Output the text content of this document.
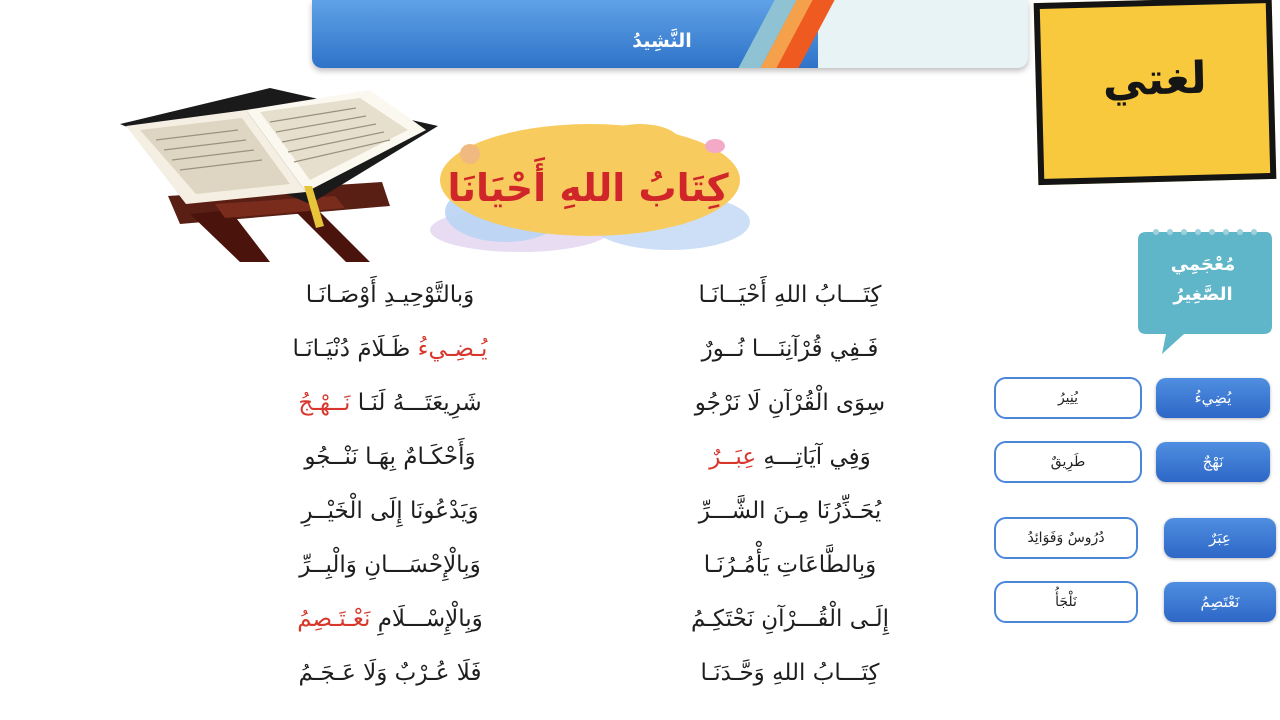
النَّشِيدُ
لغتي
كِتَابُ اللهِ أَحْيَانَا
كِتَـــابُ اللهِ أَحْيَــانَـا
وَبالتَّوْحِيـدِ أَوْصَـانَـا
فَـفِي قُرْآنِنَـــا نُــورٌ
يُـضِـيءُ ظَـلَامَ دُنْيَـانَـا
سِوَى الْقُرْآنِ لَا نَرْجُو
شَرِيعَتَـــهُ لَنَـا نَــهْـجُ
وَفِي آيَاتِـــهِ عِبَــرٌ
وَأَحْكَـامٌ بِهَـا نَنْــجُو
يُحَـذِّرُنَا مِـنَ الشَّـــرِّ
وَيَدْعُونَا إِلَى الْخَيْــرِ
وَبِالطَّاعَاتِ يَأْمُـرُنَـا
وَبِالْإِحْسَـــانِ وَالْبِــرِّ
إِلَـى الْقُـــرْآنِ نَحْتَكِـمُ
وَبِالْإِسْـــلَامِ نَعْـتَـصِمُ
كِتَـــابُ اللهِ وَحَّـدَنَـا
فَلَا عُـرْبٌ وَلَا عَـجَـمُ
مُعْجَمِي
الصَّغِيرُ
يُضِيءُ
يُنِيرُ
نَهْجٌ
طَرِيقٌ
عِبَرٌ
دُرُوسٌ وَفَوَائِدُ
نَعْتَصِمُ
نَلْجَأُ
